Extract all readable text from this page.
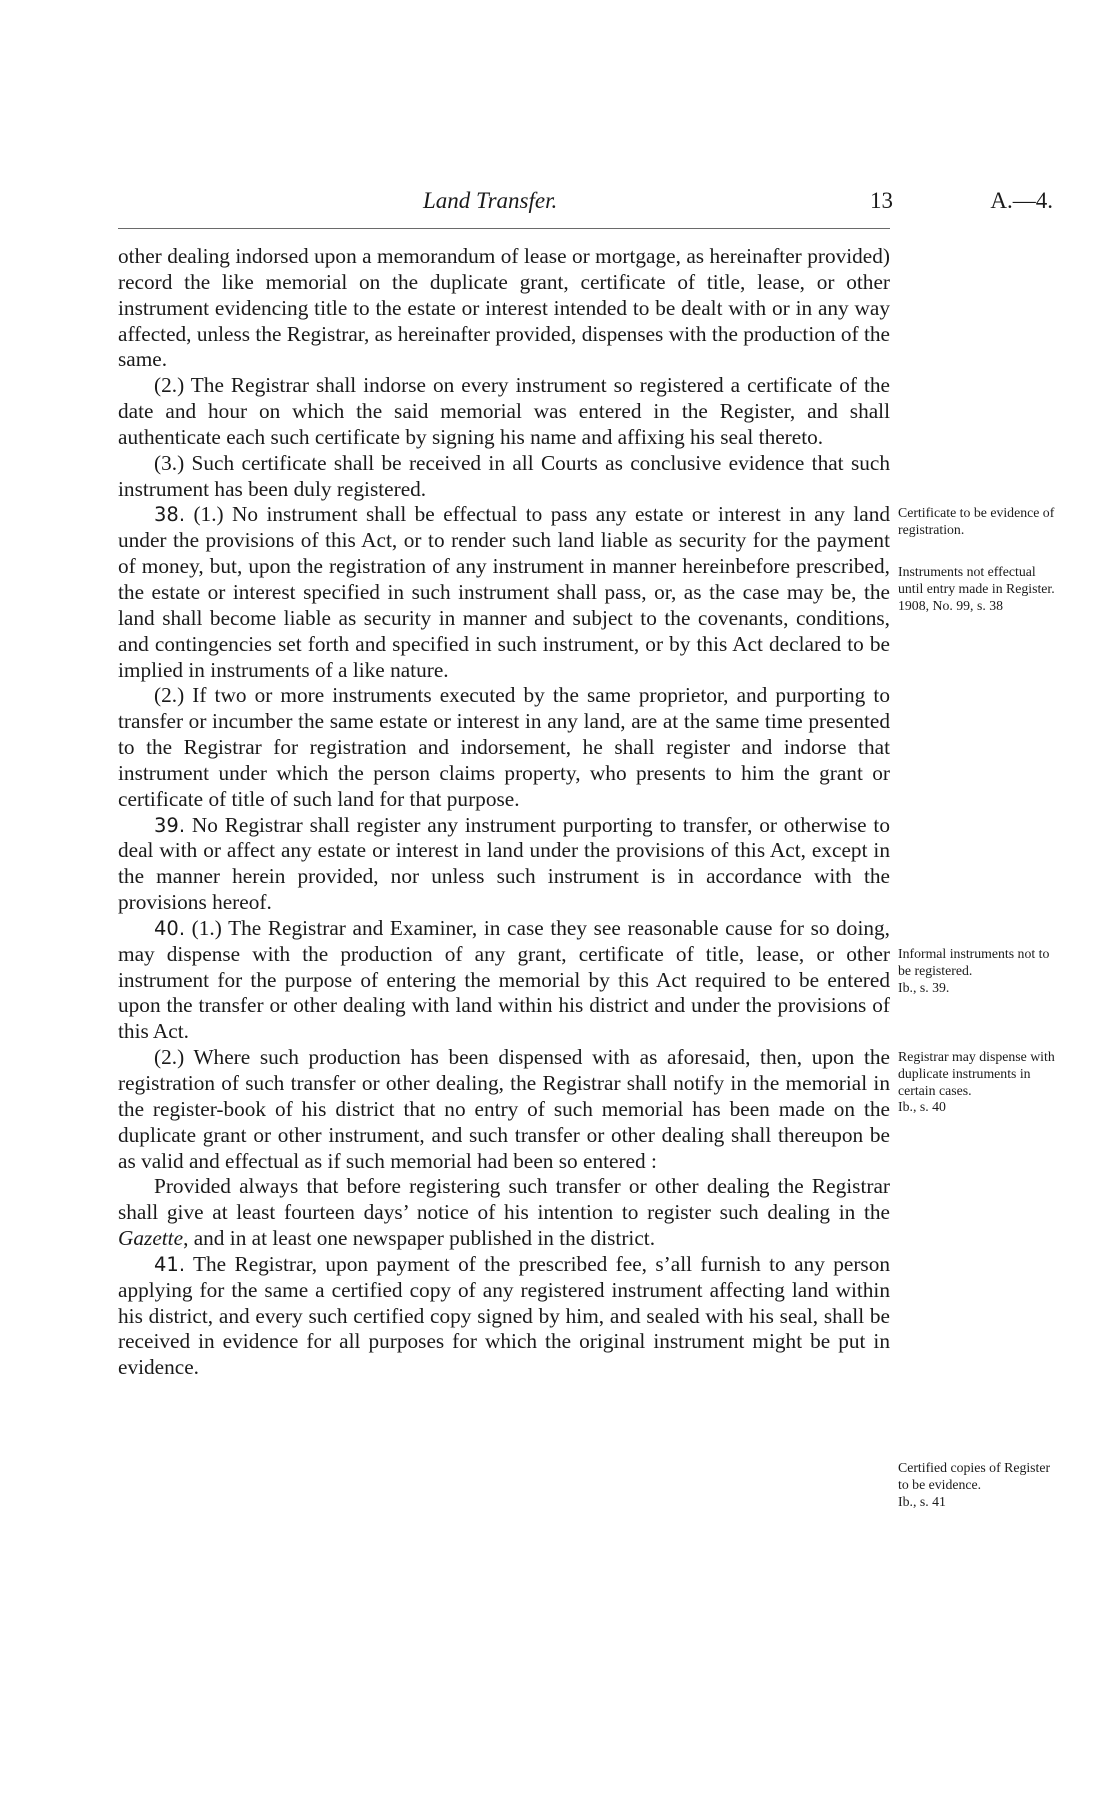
Land Transfer.	13	A.—4.

other dealing indorsed upon a memorandum of lease or mortgage, as hereinafter provided) record the like memorial on the duplicate grant, certificate of title, lease, or other instrument evidencing title to the estate or interest intended to be dealt with or in any way affected, unless the Registrar, as hereinafter provided, dispenses with the production of the same.

(2.) The Registrar shall indorse on every instrument so registered a certificate of the date and hour on which the said memorial was entered in the Register, and shall authenticate each such certificate by signing his name and affixing his seal thereto.

(3.) Such certificate shall be received in all Courts as conclusive evidence that such instrument has been duly registered.

38. (1.) No instrument shall be effectual to pass any estate or interest in any land under the provisions of this Act, or to render such land liable as security for the payment of money, but, upon the registration of any instrument in manner hereinbefore prescribed, the estate or interest specified in such instrument shall pass, or, as the case may be, the land shall become liable as security in manner and subject to the covenants, conditions, and contingencies set forth and specified in such instrument, or by this Act declared to be implied in instruments of a like nature.

(2.) If two or more instruments executed by the same proprietor, and purporting to transfer or incumber the same estate or interest in any land, are at the same time presented to the Registrar for registration and indorsement, he shall register and indorse that instrument under which the person claims property, who presents to him the grant or certificate of title of such land for that purpose.

39. No Registrar shall register any instrument purporting to transfer, or otherwise to deal with or affect any estate or interest in land under the provisions of this Act, except in the manner herein provided, nor unless such instrument is in accordance with the provisions hereof.

40. (1.) The Registrar and Examiner, in case they see reasonable cause for so doing, may dispense with the production of any grant, certificate of title, lease, or other instrument for the purpose of entering the memorial by this Act required to be entered upon the transfer or other dealing with land within his district and under the provisions of this Act.

(2.) Where such production has been dispensed with as aforesaid, then, upon the registration of such transfer or other dealing, the Registrar shall notify in the memorial in the register-book of his district that no entry of such memorial has been made on the duplicate grant or other instrument, and such transfer or other dealing shall thereupon be as valid and effectual as if such memorial had been so entered :

Provided always that before registering such transfer or other dealing the Registrar shall give at least fourteen days’ notice of his intention to register such dealing in the Gazette, and in at least one newspaper published in the district.

41. The Registrar, upon payment of the prescribed fee, s’all furnish to any person applying for the same a certified copy of any registered instrument affecting land within his district, and every such certified copy signed by him, and sealed with his seal, shall be received in evidence for all purposes for which the original instrument might be put in evidence.

Certificate to be evidence of registration.
Instruments not effectual until entry made in Register.
1908, No. 99, s. 38
Informal instruments not to be registered.
Ib., s. 39.
Registrar may dispense with duplicate instruments in certain cases.
Ib., s. 40
Certified copies of Register to be evidence.
Ib., s. 41
